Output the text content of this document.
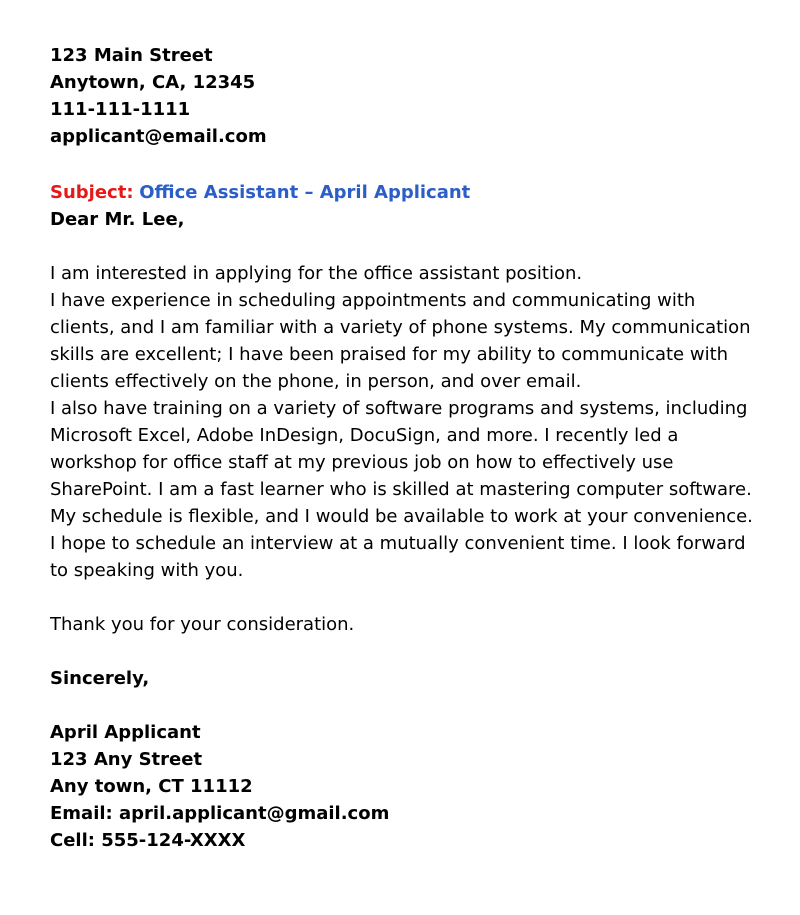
123 Main Street
Anytown, CA, 12345
111-111-1111
applicant@email.com
Subject: Office Assistant – April Applicant
Dear Mr. Lee,
I am interested in applying for the office assistant position.
I have experience in scheduling appointments and communicating with
clients, and I am familiar with a variety of phone systems. My communication
skills are excellent; I have been praised for my ability to communicate with
clients effectively on the phone, in person, and over email.
I also have training on a variety of software programs and systems, including
Microsoft Excel, Adobe InDesign, DocuSign, and more. I recently led a
workshop for office staff at my previous job on how to effectively use
SharePoint. I am a fast learner who is skilled at mastering computer software.
My schedule is flexible, and I would be available to work at your convenience.
I hope to schedule an interview at a mutually convenient time. I look forward
to speaking with you.
Thank you for your consideration.
Sincerely,
April Applicant
123 Any Street
Any town, CT 11112
Email: april.applicant@gmail.com
Cell: 555-124-XXXX
